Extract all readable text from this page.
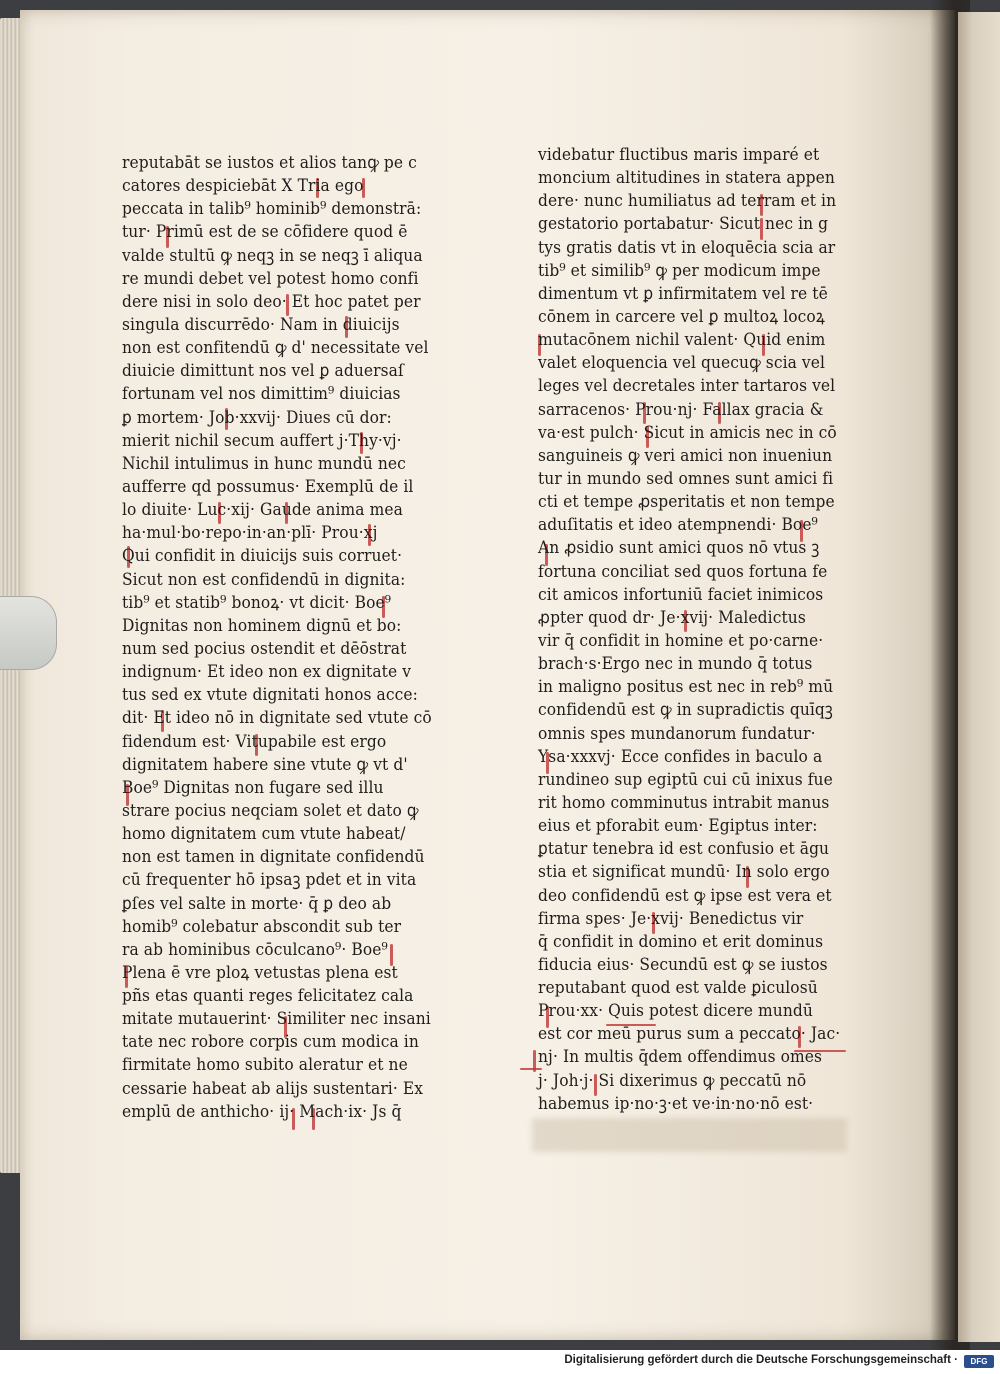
reputabāt se iustos et alios tanꝙ pe c
catores despiciebāt X Tria ego
peccata in talib⁹ hominib⁹ demonstrā:
tur· Primū est de se cōfidere quod ē
valde stultū ꝙ neqꝫ in se neqꝫ ī aliqua
re mundi debet vel potest homo confi
dere nisi in solo deo· Et hoc patet per
singula discurrēdo· Nam in diuicijs
non est confitendū ꝙ d' necessitate vel
diuicie dimittunt nos vel ꝑ aduersaſ
fortunam vel nos dimittim⁹ diuicias
ꝑ mortem· Job·xxvij· Diues cū dor:
mierit nichil secum auffert j·Thy·vj·
Nichil intulimus in hunc mundū nec
aufferre qd possumus· Exemplū de il
lo diuite· Luc·xij· Gaude anima mea
ha·mul·bo·repo·in·an·plī· Prou·xj
Qui confidit in diuicijs suis corruet·
Sicut non est confidendū in dignita:
tib⁹ et statib⁹ bonoꝝ· vt dicit· Boe⁹
Dignitas non hominem dignū et bo:
num sed pocius ostendit et dēōstrat
indignum· Et ideo non ex dignitate v
tus sed ex vtute dignitati honos acce:
dit· Et ideo nō in dignitate sed vtute cō
fidendum est· Vitupabile est ergo
dignitatem habere sine vtute ꝙ vt d'
Boe⁹ Dignitas non fugare sed illu
strare pocius neqciam solet et dato ꝙ
homo dignitatem cum vtute habeat/
non est tamen in dignitate confidendū
cū frequenter hō ipsaꝫ pdet et in vita
ꝑſes vel salte in morte· q̄ ꝑ deo ab
homib⁹ colebatur abscondit sub ter
ra ab hominibus cōculcano⁹· Boe⁹
Plena ē vre ploꝝ vetustas plena est
pñs etas quanti reges felicitatez cala
mitate mutauerint· Similiter nec insani
tate nec robore corpis cum modica in
firmitate homo subito aleratur et ne
cessarie habeat ab alijs sustentari· Ex
emplū de anthicho· ij· Mach·ix· Js q̄
videbatur fluctibus maris imparé et
moncium altitudines in statera appen
dere· nunc humiliatus ad terram et in
gestatorio portabatur· Sicut nec in g
tys gratis datis vt in eloquēcia scia ar
tib⁹ et similib⁹ ꝙ per modicum impe
dimentum vt ꝑ infirmitatem vel re tē
cōnem in carcere vel ꝑ multoꝝ locoꝝ
mutacōnem nichil valent· Quid enim
valet eloquencia vel quecuꝙ scia vel
leges vel decretales inter tartaros vel
sarracenos· Prou·nj· Fallax gracia &
va·est pulch· Sicut in amicis nec in cō
sanguineis ꝙ veri amici non inueniun
tur in mundo sed omnes sunt amici fi
cti et tempe ꝓsperitatis et non tempe
aduſitatis et ideo atempnendi· Boe⁹
An ꝓsidio sunt amici quos nō vtus ꝫ
fortuna conciliat sed quos fortuna fe
cit amicos infortuniū faciet inimicos
ꝓpter quod dr· Je·xvij· Maledictus
vir q̄ confidit in homine et po·carne·
brach·s·Ergo nec in mundo q̄ totus
in maligno positus est nec in reb⁹ mū
confidendū est ꝙ in supradictis quīqꝫ
omnis spes mundanorum fundatur·
Ysa·xxxvj· Ecce confides in baculo a
rundineo sup egiptū cui cū inixus fue
rit homo comminutus intrabit manus
eius et pforabit eum· Egiptus inter:
ꝑtatur tenebra id est confusio et āgu
stia et significat mundū· In solo ergo
deo confidendū est ꝙ ipse est vera et
firma spes· Je·xvij· Benedictus vir
q̄ confidit in domino et erit dominus
fiducia eius· Secundū est ꝙ se iustos
reputabant quod est valde ꝑiculosū
Prou·xx· Quis potest dicere mundū
est cor meū purus sum a peccato· Jac·
nj· In multis q̄dem offendimus omes
j· Joh·j· Si dixerimus ꝙ peccatū nō
habemus ip·no·ꝫ·et ve·in·no·nō est·
Digitalisierung gefördert durch die Deutsche Forschungsgemeinschaft ·	DFG
